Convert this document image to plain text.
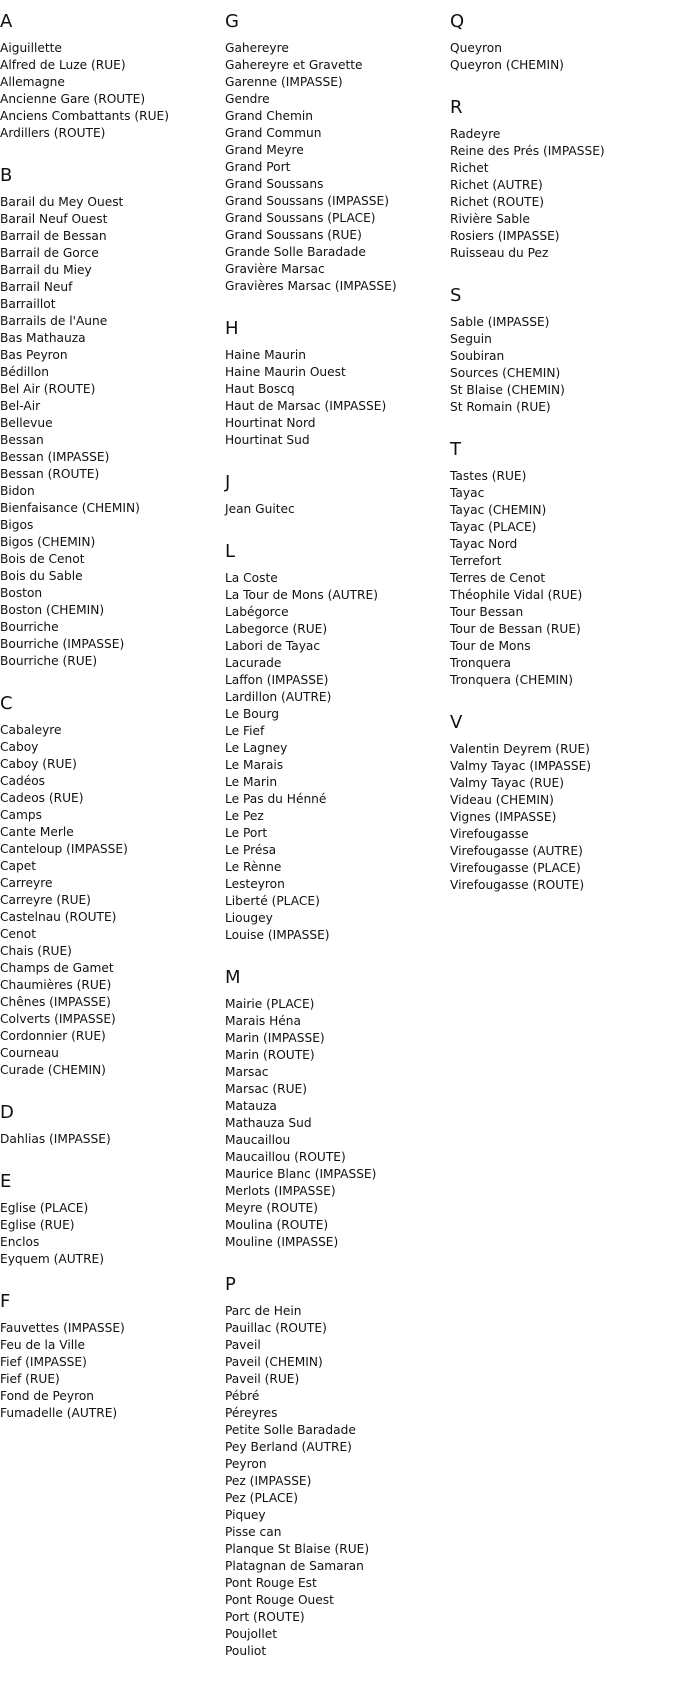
A
Aiguillette
Alfred de Luze (RUE)
Allemagne
Ancienne Gare (ROUTE)
Anciens Combattants (RUE)
Ardillers (ROUTE)
B
Barail du Mey Ouest
Barail Neuf Ouest
Barrail de Bessan
Barrail de Gorce
Barrail du Miey
Barrail Neuf
Barraillot
Barrails de l'Aune
Bas Mathauza
Bas Peyron
Bédillon
Bel Air (ROUTE)
Bel-Air
Bellevue
Bessan
Bessan (IMPASSE)
Bessan (ROUTE)
Bidon
Bienfaisance (CHEMIN)
Bigos
Bigos (CHEMIN)
Bois de Cenot
Bois du Sable
Boston
Boston (CHEMIN)
Bourriche
Bourriche (IMPASSE)
Bourriche (RUE)
C
Cabaleyre
Caboy
Caboy (RUE)
Cadéos
Cadeos (RUE)
Camps
Cante Merle
Canteloup (IMPASSE)
Capet
Carreyre
Carreyre (RUE)
Castelnau (ROUTE)
Cenot
Chais (RUE)
Champs de Gamet
Chaumières (RUE)
Chênes (IMPASSE)
Colverts (IMPASSE)
Cordonnier (RUE)
Courneau
Curade (CHEMIN)
D
Dahlias (IMPASSE)
E
Eglise (PLACE)
Eglise (RUE)
Enclos
Eyquem (AUTRE)
F
Fauvettes (IMPASSE)
Feu de la Ville
Fief (IMPASSE)
Fief (RUE)
Fond de Peyron
Fumadelle (AUTRE)
G
Gahereyre
Gahereyre et Gravette
Garenne (IMPASSE)
Gendre
Grand Chemin
Grand Commun
Grand Meyre
Grand Port
Grand Soussans
Grand Soussans (IMPASSE)
Grand Soussans (PLACE)
Grand Soussans (RUE)
Grande Solle Baradade
Gravière Marsac
Gravières Marsac (IMPASSE)
H
Haine Maurin
Haine Maurin Ouest
Haut Boscq
Haut de Marsac (IMPASSE)
Hourtinat Nord
Hourtinat Sud
J
Jean Guitec
L
La Coste
La Tour de Mons (AUTRE)
Labégorce
Labegorce (RUE)
Labori de Tayac
Lacurade
Laffon (IMPASSE)
Lardillon (AUTRE)
Le Bourg
Le Fief
Le Lagney
Le Marais
Le Marin
Le Pas du Hénné
Le Pez
Le Port
Le Présa
Le Rènne
Lesteyron
Liberté (PLACE)
Liougey
Louise (IMPASSE)
M
Mairie (PLACE)
Marais Héna
Marin (IMPASSE)
Marin (ROUTE)
Marsac
Marsac (RUE)
Matauza
Mathauza Sud
Maucaillou
Maucaillou (ROUTE)
Maurice Blanc (IMPASSE)
Merlots (IMPASSE)
Meyre (ROUTE)
Moulina (ROUTE)
Mouline (IMPASSE)
P
Parc de Hein
Pauillac (ROUTE)
Paveil
Paveil (CHEMIN)
Paveil (RUE)
Pébré
Péreyres
Petite Solle Baradade
Pey Berland (AUTRE)
Peyron
Pez (IMPASSE)
Pez (PLACE)
Piquey
Pisse can
Planque St Blaise (RUE)
Platagnan de Samaran
Pont Rouge Est
Pont Rouge Ouest
Port (ROUTE)
Poujollet
Pouliot
Q
Queyron
Queyron (CHEMIN)
R
Radeyre
Reine des Prés (IMPASSE)
Richet
Richet (AUTRE)
Richet (ROUTE)
Rivière Sable
Rosiers (IMPASSE)
Ruisseau du Pez
S
Sable (IMPASSE)
Seguin
Soubiran
Sources (CHEMIN)
St Blaise (CHEMIN)
St Romain (RUE)
T
Tastes (RUE)
Tayac
Tayac (CHEMIN)
Tayac (PLACE)
Tayac Nord
Terrefort
Terres de Cenot
Théophile Vidal (RUE)
Tour Bessan
Tour de Bessan (RUE)
Tour de Mons
Tronquera
Tronquera (CHEMIN)
V
Valentin Deyrem (RUE)
Valmy Tayac (IMPASSE)
Valmy Tayac (RUE)
Videau (CHEMIN)
Vignes (IMPASSE)
Virefougasse
Virefougasse (AUTRE)
Virefougasse (PLACE)
Virefougasse (ROUTE)
